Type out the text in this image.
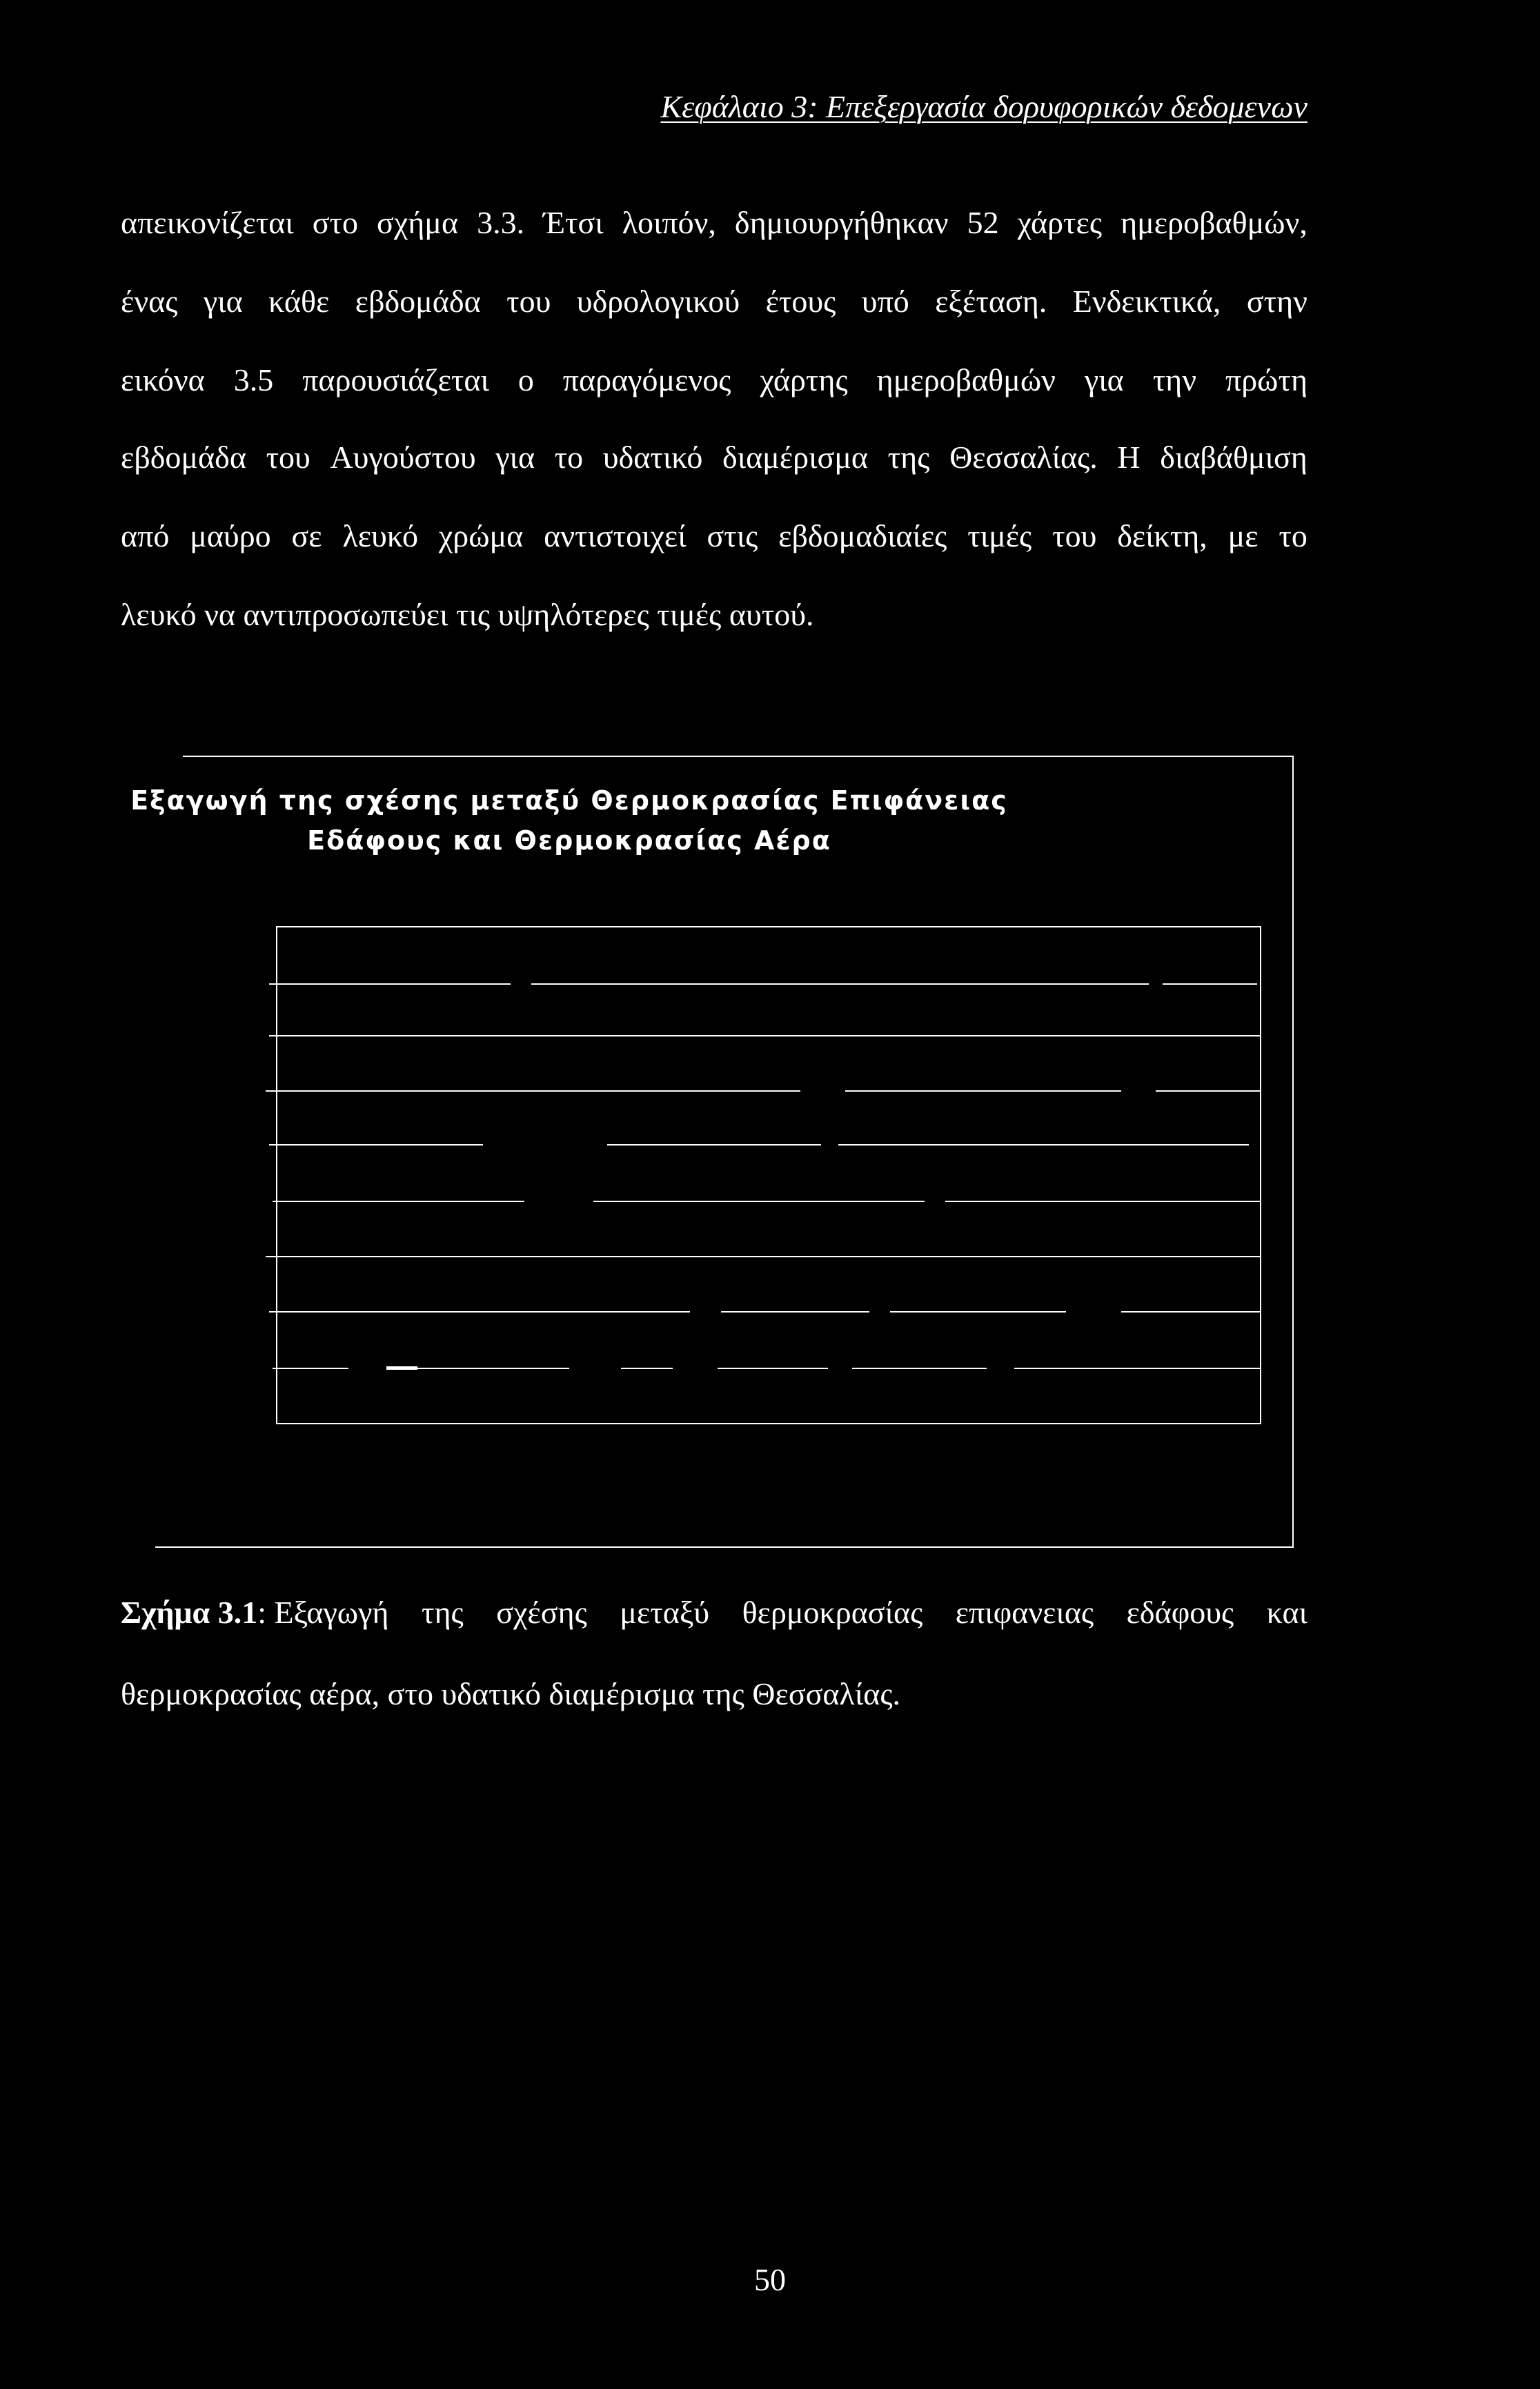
Κεφάλαιο 3: Επεξεργασία δορυφορικών δεδομενων
απεικονίζεται στο σχήμα 3.3. Έτσι λοιπόν, δημιουργήθηκαν 52 χάρτες ημεροβαθμών,
ένας για κάθε εβδομάδα του υδρολογικού έτους υπό εξέταση. Ενδεικτικά, στην
εικόνα 3.5 παρουσιάζεται ο παραγόμενος χάρτης ημεροβαθμών για την πρώτη
εβδομάδα του Αυγούστου για το υδατικό διαμέρισμα της Θεσσαλίας. Η διαβάθμιση
από μαύρο σε λευκό χρώμα αντιστοιχεί στις εβδομαδιαίες τιμές του δείκτη, με το
λευκό να αντιπροσωπεύει τις υψηλότερες τιμές αυτού.
Εξαγωγή της σχέσης μεταξύ Θερμοκρασίας Επιφάνειας
Εδάφους και Θερμοκρασίας Αέρα
Σχήμα 3.1: Εξαγωγή της σχέσης μεταξύ θερμοκρασίας επιφανειας εδάφους και
θερμοκρασίας αέρα, στο υδατικό διαμέρισμα της Θεσσαλίας.
50
